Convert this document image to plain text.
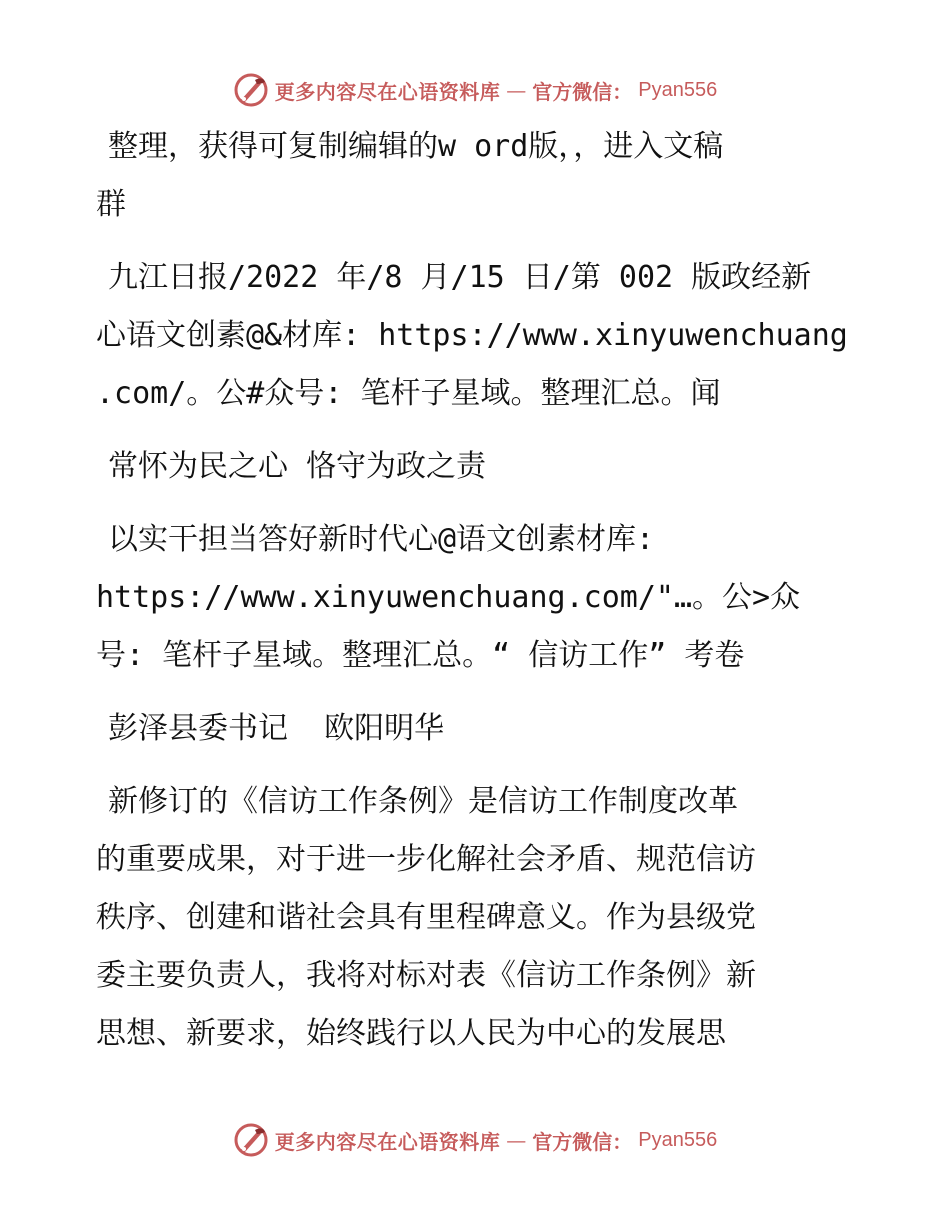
更多内容尽在心语资料库 — 官方微信： Pyan556

整理，获得可复制编辑的w ord版，，进入文稿
群

九江日报/2022 年/8 月/15 日/第 002 版政经新
心语文创素@&材库: https://www.xinyuwenchuang
.com/。公#众号: 笔杆子星域。整理汇总。闻

常怀为民之心 恪守为政之责

以实干担当答好新时代心@语文创素材库:
https://www.xinyuwenchuang.com/"…。公>众
号: 笔杆子星域。整理汇总。“ 信访工作” 考卷

彭泽县委书记  欧阳明华

新修订的《信访工作条例》是信访工作制度改革
的重要成果，对于进一步化解社会矛盾、规范信访
秩序、创建和谐社会具有里程碑意义。作为县级党
委主要负责人，我将对标对表《信访工作条例》新
思想、新要求，始终践行以人民为中心的发展思

更多内容尽在心语资料库 — 官方微信： Pyan556
